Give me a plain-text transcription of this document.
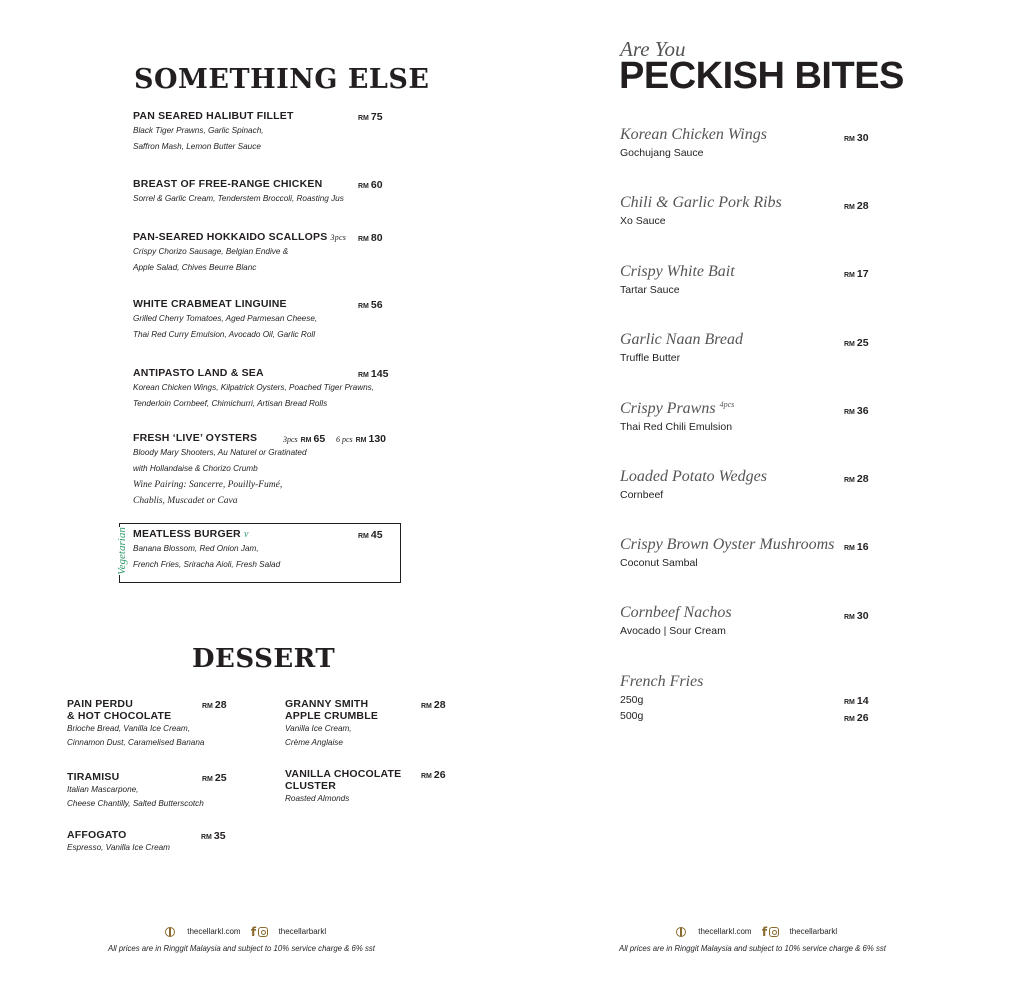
SOMETHING ELSE
PAN SEARED HALIBUT FILLET
Black Tiger Prawns, Garlic Spinach,
Saffron Mash, Lemon Butter Sauce
RM 75
BREAST OF FREE-RANGE CHICKEN
Sorrel & Garlic Cream, Tenderstem Broccoli, Roasting Jus
RM 60
PAN-SEARED HOKKAIDO SCALLOPS 3pcs
Crispy Chorizo Sausage, Belgian Endive &
Apple Salad, Chives Beurre Blanc
RM 80
WHITE CRABMEAT LINGUINE
Grilled Cherry Tomatoes, Aged Parmesan Cheese,
Thai Red Curry Emulsion, Avocado Oil, Garlic Roll
RM 56
ANTIPASTO LAND & SEA
Korean Chicken Wings, Kilpatrick Oysters, Poached Tiger Prawns,
Tenderloin Cornbeef, Chimichurri, Artisan Bread Rolls
RM 145
FRESH ‘LIVE’ OYSTERS
Bloody Mary Shooters, Au Naturel or Gratinated
with Hollandaise & Chorizo Crumb
Wine Pairing: Sancerre, Pouilly-Fumé,
Chablis, Muscadet or Cava
3pcs RM 65 6 pcs RM 130
Vegetarian MEATLESS BURGER v
Banana Blossom, Red Onion Jam,
French Fries, Sriracha Aioli, Fresh Salad
RM 45
DESSERT
PAIN PERDU
& HOT CHOCOLATE
Brioche Bread, Vanilla Ice Cream,
Cinnamon Dust, Caramelised Banana
RM 28	GRANNY SMITH
APPLE CRUMBLE
Vanilla Ice Cream,
Crème Anglaise
RM 28
TIRAMISU
Italian Mascarpone,
Cheese Chantilly, Salted Butterscotch
RM 25	VANILLA CHOCOLATE
CLUSTER
Roasted Almonds
RM 26
AFFOGATO
Espresso, Vanilla Ice Cream
RM 35
thecellarkl.com f	thecellarbarkl
All prices are in Ringgit Malaysia and subject to 10% service charge & 6% sst
Are You
PECKISH BITES
Korean Chicken Wings
Gochujang Sauce
RM 30
Chili & Garlic Pork Ribs
Xo Sauce
RM 28
Crispy White Bait
Tartar Sauce
RM 17
Garlic Naan Bread
Truffle Butter
RM 25
Crispy Prawns $^{4pcs}$
Thai Red Chili Emulsion
RM 36
Loaded Potato Wedges
Cornbeef
RM 28
Crispy Brown Oyster Mushrooms
Coconut Sambal
RM 16
Cornbeef Nachos
Avocado | Sour Cream
RM 30
French Fries
250g
500g
RM 14
RM 26
thecellarkl.com f	thecellarbarkl
All prices are in Ringgit Malaysia and subject to 10% service charge & 6% sst
